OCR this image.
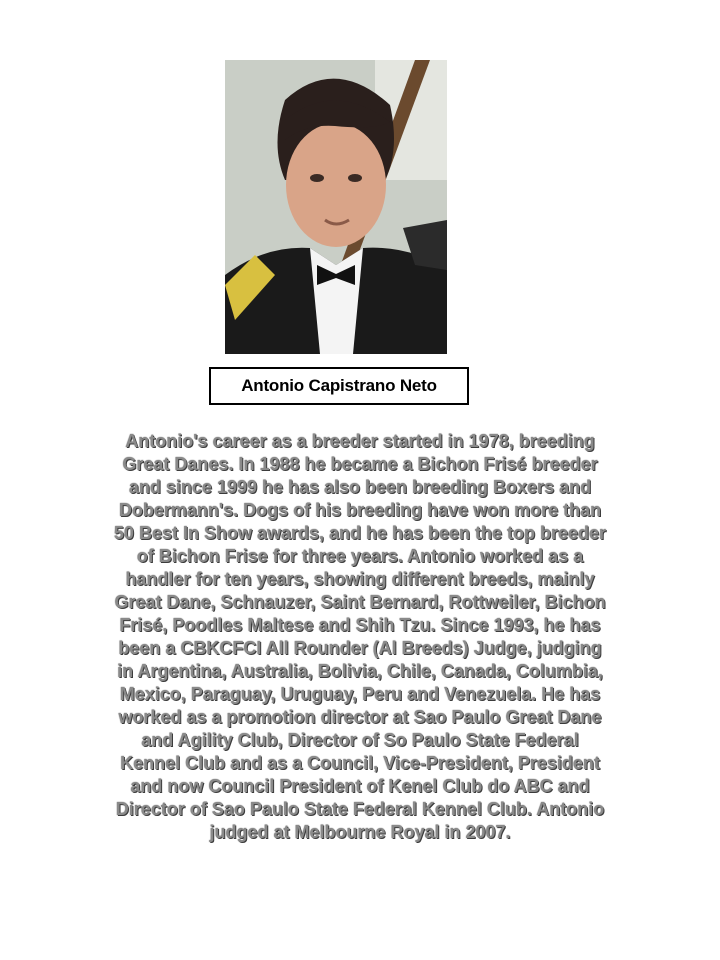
Antonio Capistrano Neto

Antonio's career as a breeder started in 1978, breeding Great Danes. In 1988 he became a Bichon Frisé breeder and since 1999 he has also been breeding Boxers and Dobermann's. Dogs of his breeding have won more than 50 Best In Show awards, and he has been the top breeder of Bichon Frise for three years. Antonio worked as a handler for ten years, showing different breeds, mainly Great Dane, Schnauzer, Saint Bernard, Rottweiler, Bichon Frisé, Poodles Maltese and Shih Tzu. Since 1993, he has been a CBKCFCI All Rounder (Al Breeds) Judge, judging in Argentina, Australia, Bolivia, Chile, Canada, Columbia, Mexico, Paraguay, Uruguay, Peru and Venezuela. He has worked as a promotion director at Sao Paulo Great Dane and Agility Club, Director of So Paulo State Federal Kennel Club and as a Council, Vice-President, President and now Council President of Kenel Club do ABC and Director of Sao Paulo State Federal Kennel Club. Antonio judged at Melbourne Royal in 2007.
